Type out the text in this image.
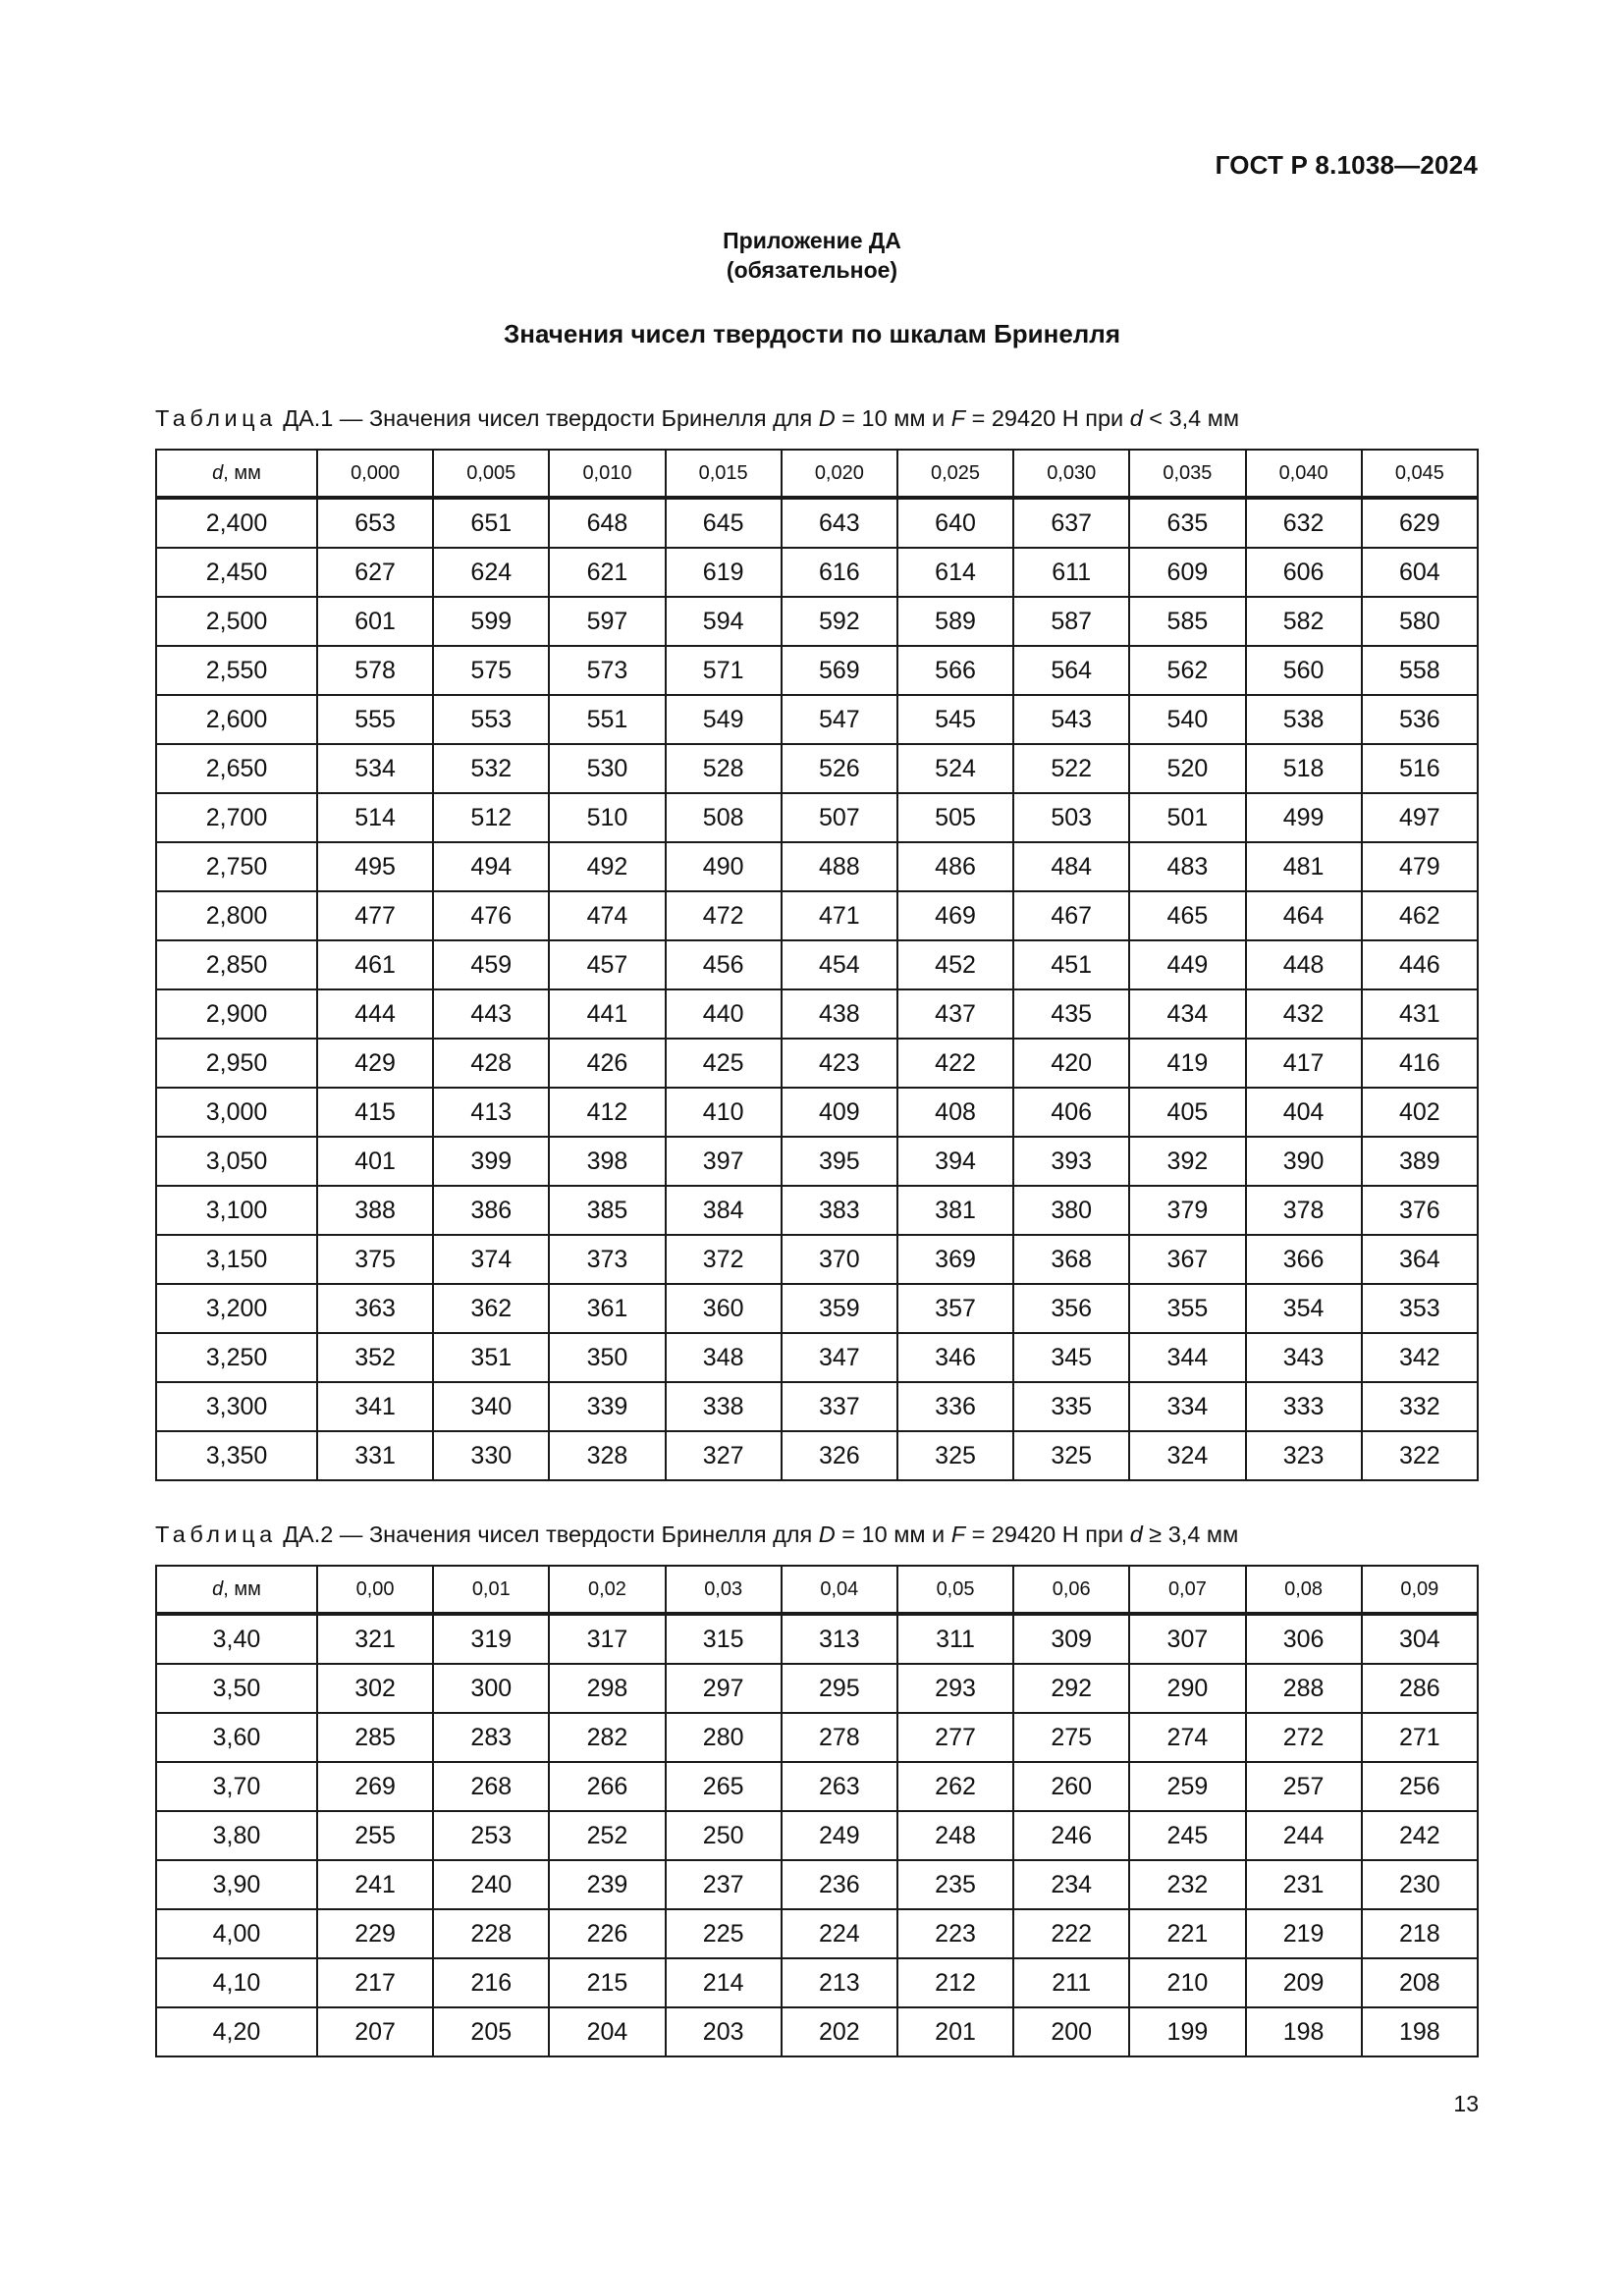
ГОСТ Р 8.1038—2024
Приложение ДА
(обязательное)
Значения чисел твердости по шкалам Бринелля
Таблица ДА.1 — Значения чисел твердости Бринелля для D = 10 мм и F = 29420 Н при d < 3,4 мм
d, мм	0,000	0,005	0,010	0,015	0,020	0,025	0,030	0,035	0,040	0,045
2,400	653	651	648	645	643	640	637	635	632	629
2,450	627	624	621	619	616	614	611	609	606	604
2,500	601	599	597	594	592	589	587	585	582	580
2,550	578	575	573	571	569	566	564	562	560	558
2,600	555	553	551	549	547	545	543	540	538	536
2,650	534	532	530	528	526	524	522	520	518	516
2,700	514	512	510	508	507	505	503	501	499	497
2,750	495	494	492	490	488	486	484	483	481	479
2,800	477	476	474	472	471	469	467	465	464	462
2,850	461	459	457	456	454	452	451	449	448	446
2,900	444	443	441	440	438	437	435	434	432	431
2,950	429	428	426	425	423	422	420	419	417	416
3,000	415	413	412	410	409	408	406	405	404	402
3,050	401	399	398	397	395	394	393	392	390	389
3,100	388	386	385	384	383	381	380	379	378	376
3,150	375	374	373	372	370	369	368	367	366	364
3,200	363	362	361	360	359	357	356	355	354	353
3,250	352	351	350	348	347	346	345	344	343	342
3,300	341	340	339	338	337	336	335	334	333	332
3,350	331	330	328	327	326	325	325	324	323	322
Таблица ДА.2 — Значения чисел твердости Бринелля для D = 10 мм и F = 29420 Н при d ≥ 3,4 мм
d, мм	0,00	0,01	0,02	0,03	0,04	0,05	0,06	0,07	0,08	0,09
3,40	321	319	317	315	313	311	309	307	306	304
3,50	302	300	298	297	295	293	292	290	288	286
3,60	285	283	282	280	278	277	275	274	272	271
3,70	269	268	266	265	263	262	260	259	257	256
3,80	255	253	252	250	249	248	246	245	244	242
3,90	241	240	239	237	236	235	234	232	231	230
4,00	229	228	226	225	224	223	222	221	219	218
4,10	217	216	215	214	213	212	211	210	209	208
4,20	207	205	204	203	202	201	200	199	198	198
13
